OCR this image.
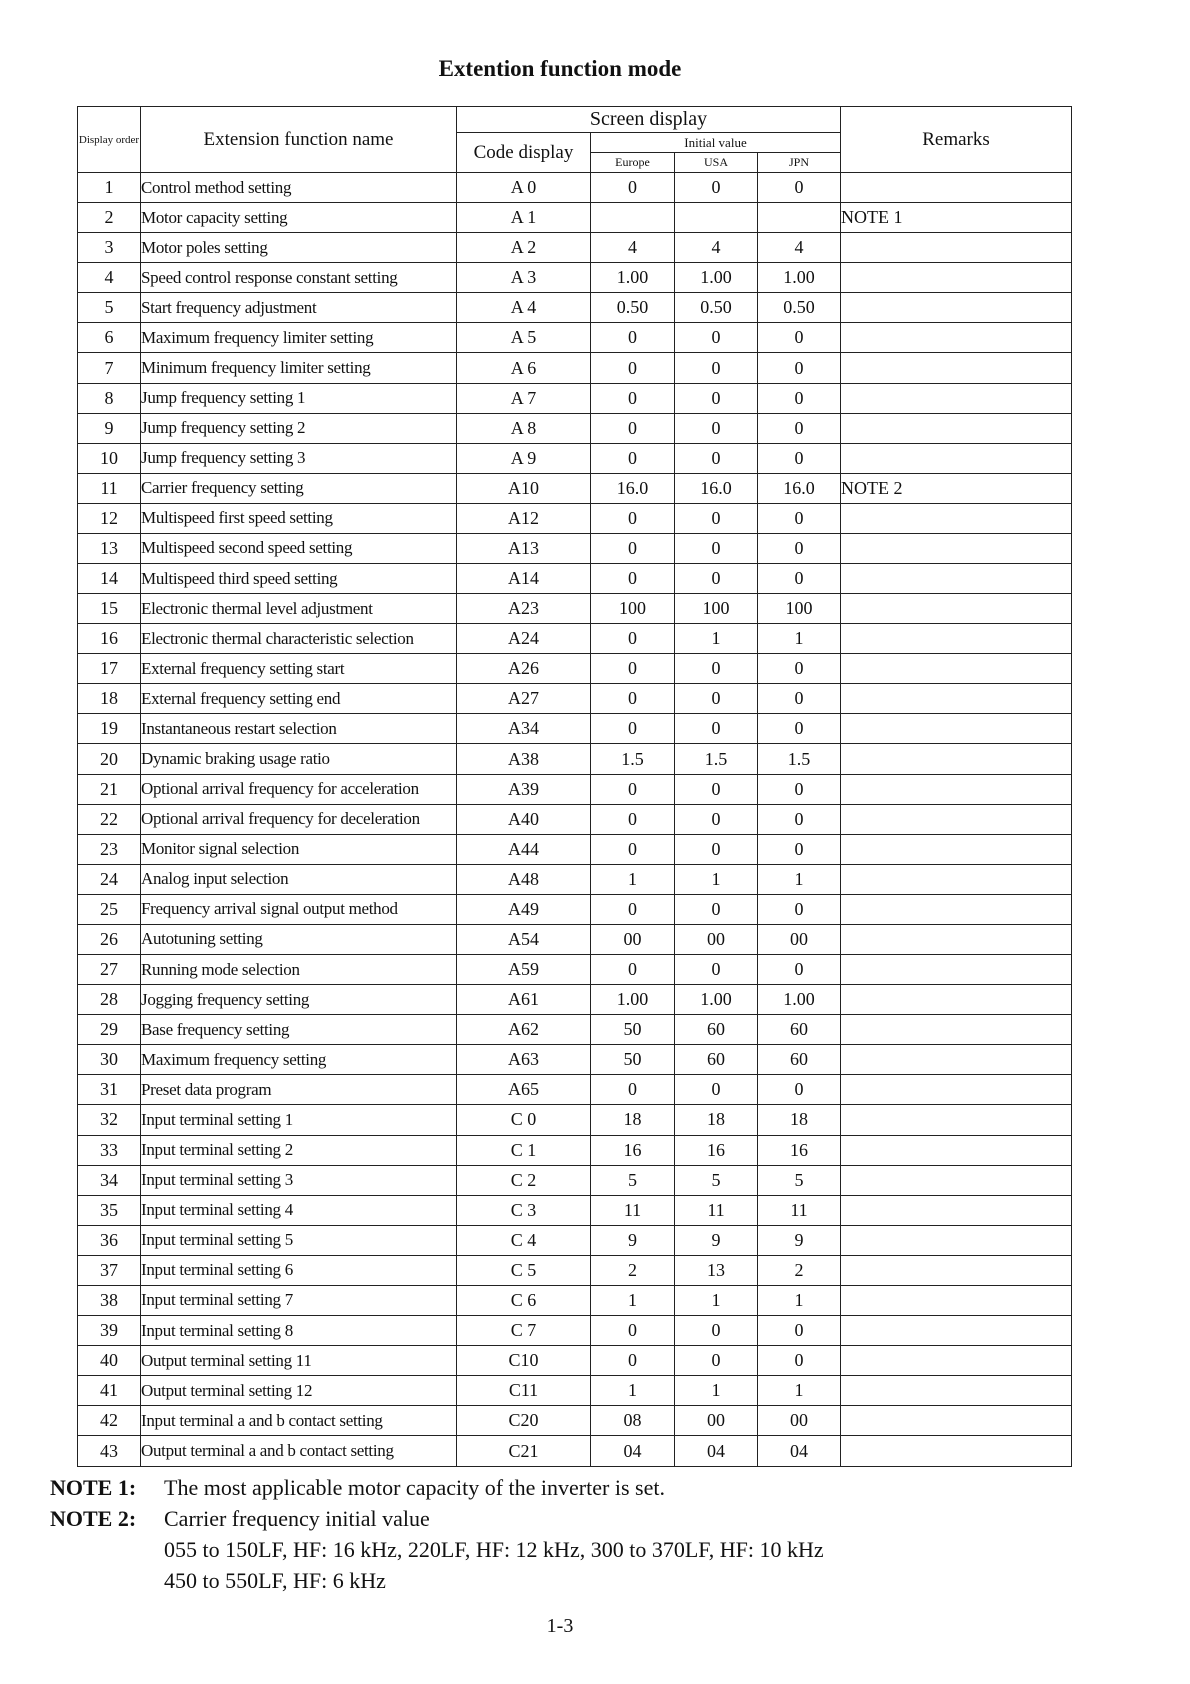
Extention function mode
Display order	Extension function name	Screen display				Remarks
		Code display	Initial value			
			Europe	USA	JPN	
1	Control method setting	A 0	0	0	0	
2	Motor capacity setting	A 1				NOTE 1
3	Motor poles setting	A 2	4	4	4	
4	Speed control response constant setting	A 3	1.00	1.00	1.00	
5	Start frequency adjustment	A 4	0.50	0.50	0.50	
6	Maximum frequency limiter setting	A 5	0	0	0	
7	Minimum frequency limiter setting	A 6	0	0	0	
8	Jump frequency setting 1	A 7	0	0	0	
9	Jump frequency setting 2	A 8	0	0	0	
10	Jump frequency setting 3	A 9	0	0	0	
11	Carrier frequency setting	A10	16.0	16.0	16.0	NOTE 2
12	Multispeed first speed setting	A12	0	0	0	
13	Multispeed second speed setting	A13	0	0	0	
14	Multispeed third speed setting	A14	0	0	0	
15	Electronic thermal level adjustment	A23	100	100	100	
16	Electronic thermal characteristic selection	A24	0	1	1	
17	External frequency setting start	A26	0	0	0	
18	External frequency setting end	A27	0	0	0	
19	Instantaneous restart selection	A34	0	0	0	
20	Dynamic braking usage ratio	A38	1.5	1.5	1.5	
21	Optional arrival frequency for acceleration	A39	0	0	0	
22	Optional arrival frequency for deceleration	A40	0	0	0	
23	Monitor signal selection	A44	0	0	0	
24	Analog input selection	A48	1	1	1	
25	Frequency arrival signal output method	A49	0	0	0	
26	Autotuning setting	A54	00	00	00	
27	Running mode selection	A59	0	0	0	
28	Jogging frequency setting	A61	1.00	1.00	1.00	
29	Base frequency setting	A62	50	60	60	
30	Maximum frequency setting	A63	50	60	60	
31	Preset data program	A65	0	0	0	
32	Input terminal setting 1	C 0	18	18	18	
33	Input terminal setting 2	C 1	16	16	16	
34	Input terminal setting 3	C 2	5	5	5	
35	Input terminal setting 4	C 3	11	11	11	
36	Input terminal setting 5	C 4	9	9	9	
37	Input terminal setting 6	C 5	2	13	2	
38	Input terminal setting 7	C 6	1	1	1	
39	Input terminal setting 8	C 7	0	0	0	
40	Output terminal setting 11	C10	0	0	0	
41	Output terminal setting 12	C11	1	1	1	
42	Input terminal a and b contact setting	C20	08	00	00	
43	Output terminal a and b contact setting	C21	04	04	04	
NOTE 1:	The most applicable motor capacity of the inverter is set.
NOTE 2:	Carrier frequency initial value
055 to 150LF, HF: 16 kHz, 220LF, HF: 12 kHz, 300 to 370LF, HF: 10 kHz
450 to 550LF, HF: 6 kHz
1-3
